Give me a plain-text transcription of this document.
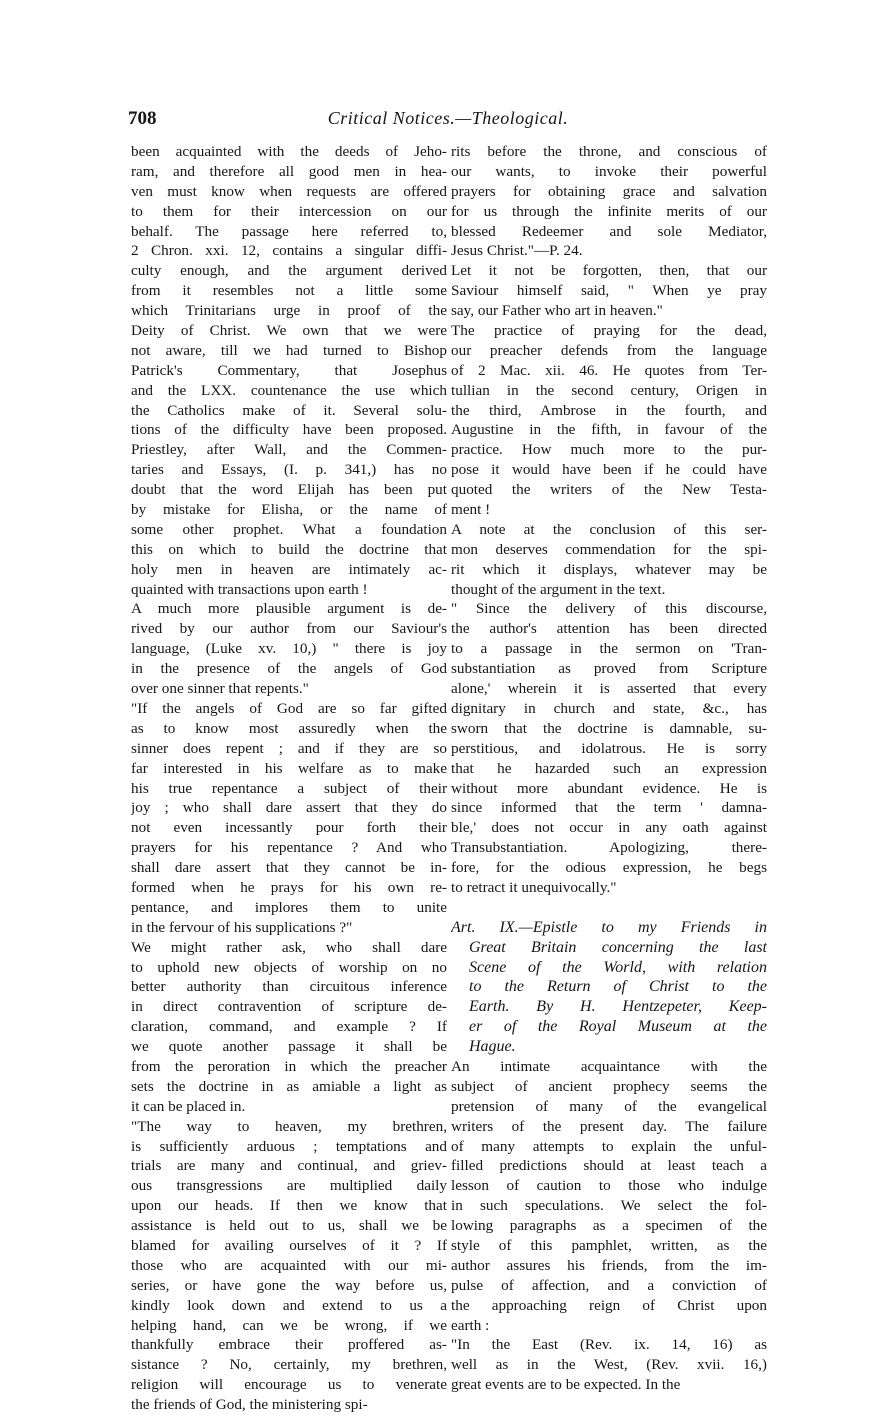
708	Critical Notices.—Theological.
been acquainted with the deeds of Jeho-
ram, and therefore all good men in hea-
ven must know when requests are offered
to them for their intercession on our
behalf. The passage here referred to,
2 Chron. xxi. 12, contains a singular diffi-
culty enough, and the argument derived
from it resembles not a little some
which Trinitarians urge in proof of the
Deity of Christ. We own that we were
not aware, till we had turned to Bishop
Patrick's Commentary, that Josephus
and the LXX. countenance the use which
the Catholics make of it. Several solu-
tions of the difficulty have been proposed.
Priestley, after Wall, and the Commen-
taries and Essays, (I. p. 341,) has no
doubt that the word Elijah has been put
by mistake for Elisha, or the name of
some other prophet. What a foundation
this on which to build the doctrine that
holy men in heaven are intimately ac-
quainted with transactions upon earth !
A much more plausible argument is de-
rived by our author from our Saviour's
language, (Luke xv. 10,) " there is joy
in the presence of the angels of God
over one sinner that repents."
"If the angels of God are so far gifted
as to know most assuredly when the
sinner does repent ; and if they are so
far interested in his welfare as to make
his true repentance a subject of their
joy ; who shall dare assert that they do
not even incessantly pour forth their
prayers for his repentance ? And who
shall dare assert that they cannot be in-
formed when he prays for his own re-
pentance, and implores them to unite
in the fervour of his supplications ?"
We might rather ask, who shall dare
to uphold new objects of worship on no
better authority than circuitous inference
in direct contravention of scripture de-
claration, command, and example ? If
we quote another passage it shall be
from the peroration in which the preacher
sets the doctrine in as amiable a light as
it can be placed in.
"The way to heaven, my brethren,
is sufficiently arduous ; temptations and
trials are many and continual, and griev-
ous transgressions are multiplied daily
upon our heads. If then we know that
assistance is held out to us, shall we be
blamed for availing ourselves of it ? If
those who are acquainted with our mi-
series, or have gone the way before us,
kindly look down and extend to us a
helping hand, can we be wrong, if we
thankfully embrace their proffered as-
sistance ? No, certainly, my brethren,
religion will encourage us to venerate
the friends of God, the ministering spi-
rits before the throne, and conscious of
our wants, to invoke their powerful
prayers for obtaining grace and salvation
for us through the infinite merits of our
blessed Redeemer and sole Mediator,
Jesus Christ."—P. 24.
Let it not be forgotten, then, that our
Saviour himself said, " When ye pray
say, our Father who art in heaven."
The practice of praying for the dead,
our preacher defends from the language
of 2 Mac. xii. 46. He quotes from Ter-
tullian in the second century, Origen in
the third, Ambrose in the fourth, and
Augustine in the fifth, in favour of the
practice. How much more to the pur-
pose it would have been if he could have
quoted the writers of the New Testa-
ment !
A note at the conclusion of this ser-
mon deserves commendation for the spi-
rit which it displays, whatever may be
thought of the argument in the text.
" Since the delivery of this discourse,
the author's attention has been directed
to a passage in the sermon on 'Tran-
substantiation as proved from Scripture
alone,' wherein it is asserted that every
dignitary in church and state, &c., has
sworn that the doctrine is damnable, su-
perstitious, and idolatrous. He is sorry
that he hazarded such an expression
without more abundant evidence. He is
since informed that the term ' damna-
ble,' does not occur in any oath against
Transubstantiation. Apologizing, there-
fore, for the odious expression, he begs
to retract it unequivocally."
Art. IX.—Epistle to my Friends in
Great Britain concerning the last
Scene of the World, with relation
to the Return of Christ to the
Earth. By H. Hentzepeter, Keep-
er of the Royal Museum at the
Hague.
An intimate acquaintance with the
subject of ancient prophecy seems the
pretension of many of the evangelical
writers of the present day. The failure
of many attempts to explain the unful-
filled predictions should at least teach a
lesson of caution to those who indulge
in such speculations. We select the fol-
lowing paragraphs as a specimen of the
style of this pamphlet, written, as the
author assures his friends, from the im-
pulse of affection, and a conviction of
the approaching reign of Christ upon
earth :
"In the East (Rev. ix. 14, 16) as
well as in the West, (Rev. xvii. 16,)
great events are to be expected. In the
